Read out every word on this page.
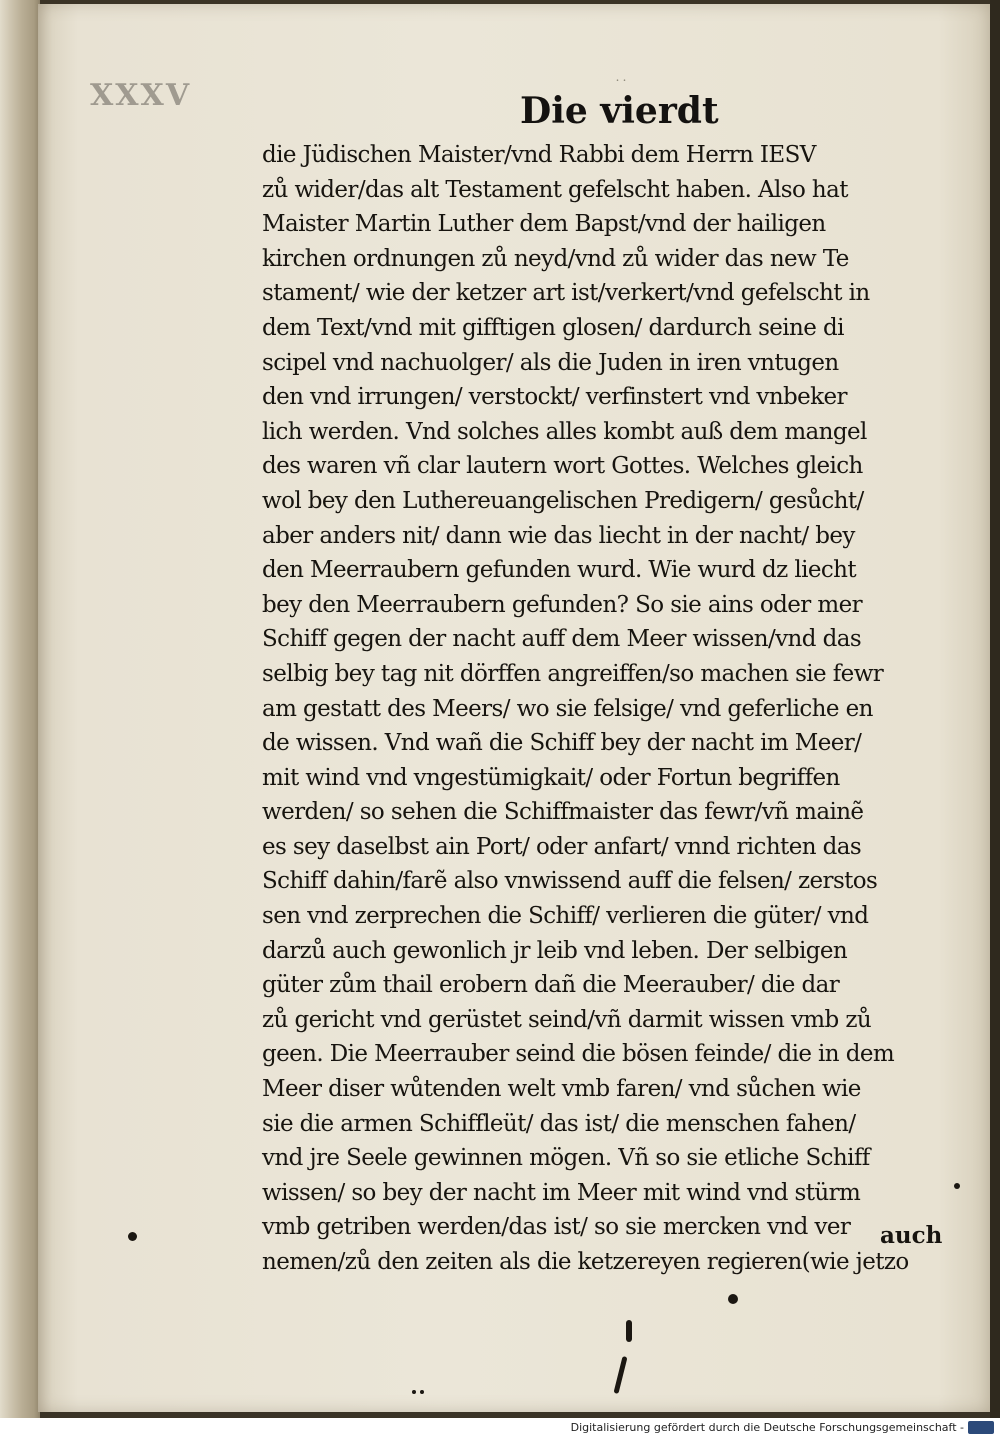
XXXV	Die vierdt
˙˙
die Jüdischen Maister/vnd Rabbi dem Herrn IESV
zů wider/das alt Testament gefelscht haben. Also hat
Maister Martin Luther dem Bapst/vnd der hailigen
kirchen ordnungen zů neyd/vnd zů wider das new Te
stament/ wie der ketzer art ist/verkert/vnd gefelscht in
dem Text/vnd mit gifftigen glosen/ dardurch seine di
scipel vnd nachuolger/ als die Juden in iren vntugen
den vnd irrungen/ verstockt/ verfinstert vnd vnbeker
lich werden. Vnd solches alles kombt auß dem mangel
des waren vñ clar lautern wort Gottes. Welches gleich
wol bey den Luthereuangelischen Predigern/ gesůcht/
aber anders nit/ dann wie das liecht in der nacht/ bey
den Meerraubern gefunden wurd. Wie wurd dz liecht
bey den Meerraubern gefunden? So sie ains oder mer
Schiff gegen der nacht auff dem Meer wissen/vnd das
selbig bey tag nit dörffen angreiffen/so machen sie fewr
am gestatt des Meers/ wo sie felsige/ vnd geferliche en
de wissen. Vnd wañ die Schiff bey der nacht im Meer/
mit wind vnd vngestümigkait/ oder Fortun begriffen
werden/ so sehen die Schiffmaister das fewr/vñ mainẽ
es sey daselbst ain Port/ oder anfart/ vnnd richten das
Schiff dahin/farẽ also vnwissend auff die felsen/ zerstos
sen vnd zerprechen die Schiff/ verlieren die güter/ vnd
darzů auch gewonlich jr leib vnd leben. Der selbigen
güter zům thail erobern dañ die Meerauber/ die dar
zů gericht vnd gerüstet seind/vñ darmit wissen vmb zů
geen. Die Meerrauber seind die bösen feinde/ die in dem
Meer diser wůtenden welt vmb faren/ vnd sůchen wie
sie die armen Schiffleüt/ das ist/ die menschen fahen/
vnd jre Seele gewinnen mögen. Vñ so sie etliche Schiff
wissen/ so bey der nacht im Meer mit wind vnd stürm
vmb getriben werden/das ist/ so sie mercken vnd ver
nemen/zů den zeiten als die ketzereyen regieren(wie jetzo
auch
Digitalisierung gefördert durch die Deutsche Forschungsgemeinschaft -
